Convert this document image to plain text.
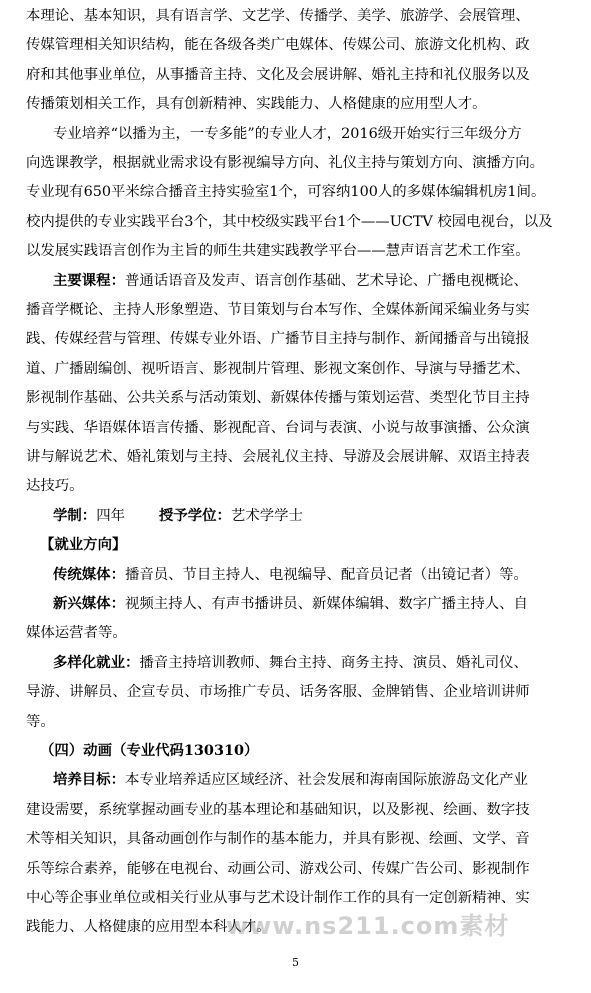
本理论、基本知识，具有语言学、文艺学、传播学、美学、旅游学、会展管理、
传媒管理相关知识结构，能在各级各类广电媒体、传媒公司、旅游文化机构、政
府和其他事业单位，从事播音主持、文化及会展讲解、婚礼主持和礼仪服务以及
传播策划相关工作，具有创新精神、实践能力、人格健康的应用型人才。
专业培养“以播为主，一专多能”的专业人才，2016级开始实行三年级分方
向选课教学，根据就业需求设有影视编导方向、礼仪主持与策划方向、演播方向。
专业现有650平米综合播音主持实验室1个，可容纳100人的多媒体编辑机房1间。
校内提供的专业实践平台3个，其中校级实践平台1个——UCTV 校园电视台，以及
以发展实践语言创作为主旨的师生共建实践教学平台——慧声语言艺术工作室。
主要课程：普通话语音及发声、语言创作基础、艺术导论、广播电视概论、
播音学概论、主持人形象塑造、节目策划与台本写作、全媒体新闻采编业务与实
践、传媒经营与管理、传媒专业外语、广播节目主持与制作、新闻播音与出镜报
道、广播剧编创、视听语言、影视制片管理、影视文案创作、导演与导播艺术、
影视制作基础、公共关系与活动策划、新媒体传播与策划运营、类型化节目主持
与实践、华语媒体语言传播、影视配音、台词与表演、小说与故事演播、公众演
讲与解说艺术、婚礼策划与主持、会展礼仪主持、导游及会展讲解、双语主持表
达技巧。
学制：四年 授予学位：艺术学学士
【就业方向】
传统媒体：播音员、节目主持人、电视编导、配音员记者（出镜记者）等。
新兴媒体：视频主持人、有声书播讲员、新媒体编辑、数字广播主持人、自
媒体运营者等。
多样化就业：播音主持培训教师、舞台主持、商务主持、演员、婚礼司仪、
导游、讲解员、企宣专员、市场推广专员、话务客服、金牌销售、企业培训讲师
等。
（四）动画（专业代码130310）
培养目标：本专业培养适应区域经济、社会发展和海南国际旅游岛文化产业
建设需要，系统掌握动画专业的基本理论和基础知识，以及影视、绘画、数字技
术等相关知识，具备动画创作与制作的基本能力，并具有影视、绘画、文学、音
乐等综合素养，能够在电视台、动画公司、游戏公司、传媒广告公司、影视制作
中心等企事业单位或相关行业从事与艺术设计制作工作的具有一定创新精神、实
践能力、人格健康的应用型本科人才。
5
www.ns211.com素材
